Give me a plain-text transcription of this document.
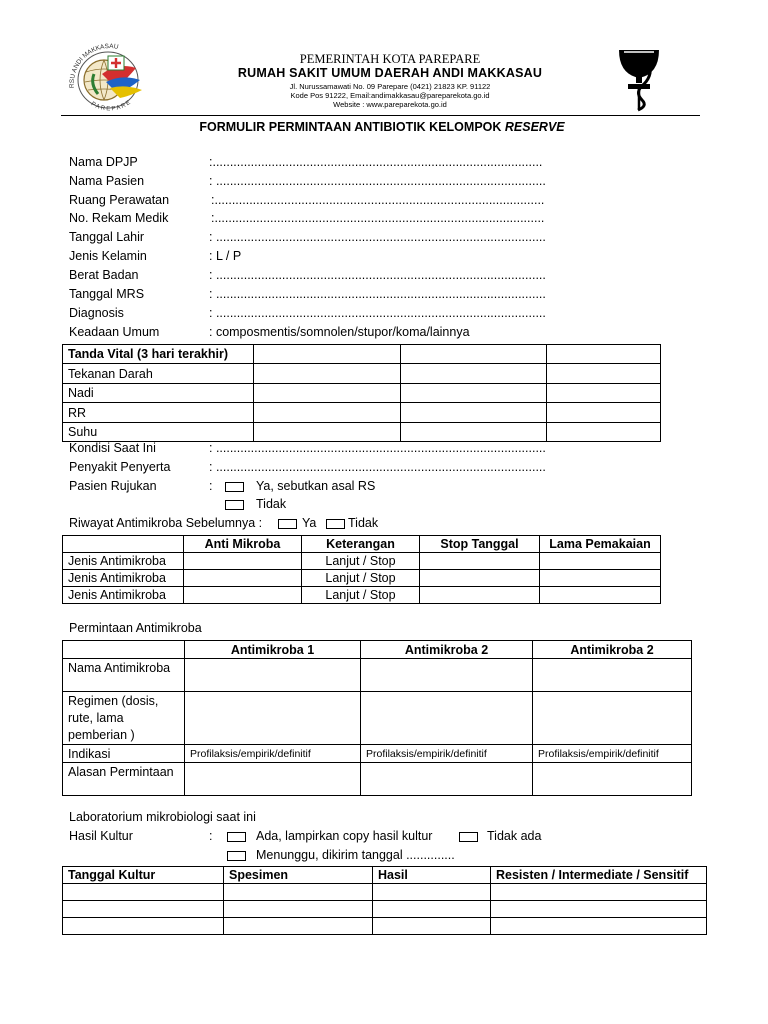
RSU ANDI MAKKASAU
PAREPARE
PEMERINTAH KOTA PAREPARE
RUMAH SAKIT UMUM DAERAH ANDI MAKKASAU
Jl. Nurussamawati No. 09 Parepare (0421) 21823 KP. 91122
Kode Pos 91222, Email:andimakkasau@pareparekota.go.id
Website : www.pareparekota.go.id
FORMULIR PERMINTAAN ANTIBIOTIK KELOMPOK RESERVE
Nama DPJP	:...............................................................................................
Nama Pasien	: ...............................................................................................
Ruang Perawatan	:...............................................................................................
No. Rekam Medik	:...............................................................................................
Tanggal Lahir	: ...............................................................................................
Jenis Kelamin	: L / P
Berat Badan	: ...............................................................................................
Tanggal MRS	: ...............................................................................................
Diagnosis	: ...............................................................................................
Keadaan Umum	: composmentis/somnolen/stupor/koma/lainnya
Tanda Vital (3 hari terakhir)			
Tekanan Darah			
Nadi			
RR			
Suhu			
Kondisi Saat Ini	: ...............................................................................................
Penyakit Penyerta	: ...............................................................................................
Pasien Rujukan	:	Ya, sebutkan asal RS
Tidak
Riwayat Antimikroba Sebelumnya :	Ya	Tidak
	Anti Mikroba	Keterangan	Stop Tanggal	Lama Pemakaian
Jenis Antimikroba		Lanjut / Stop		
Jenis Antimikroba		Lanjut / Stop		
Jenis Antimikroba		Lanjut / Stop		
Permintaan Antimikroba
	Antimikroba 1	Antimikroba 2	Antimikroba 2
Nama Antimikroba			
Regimen (dosis, rute, lama pemberian )			
Indikasi	Profilaksis/empirik/definitif	Profilaksis/empirik/definitif	Profilaksis/empirik/definitif
Alasan Permintaan			
Laboratorium mikrobiologi saat ini
Hasil Kultur	:	Ada, lampirkan copy hasil kultur	Tidak ada
Menunggu, dikirim tanggal ..............
Tanggal Kultur	Spesimen	Hasil	Resisten / Intermediate / Sensitif
